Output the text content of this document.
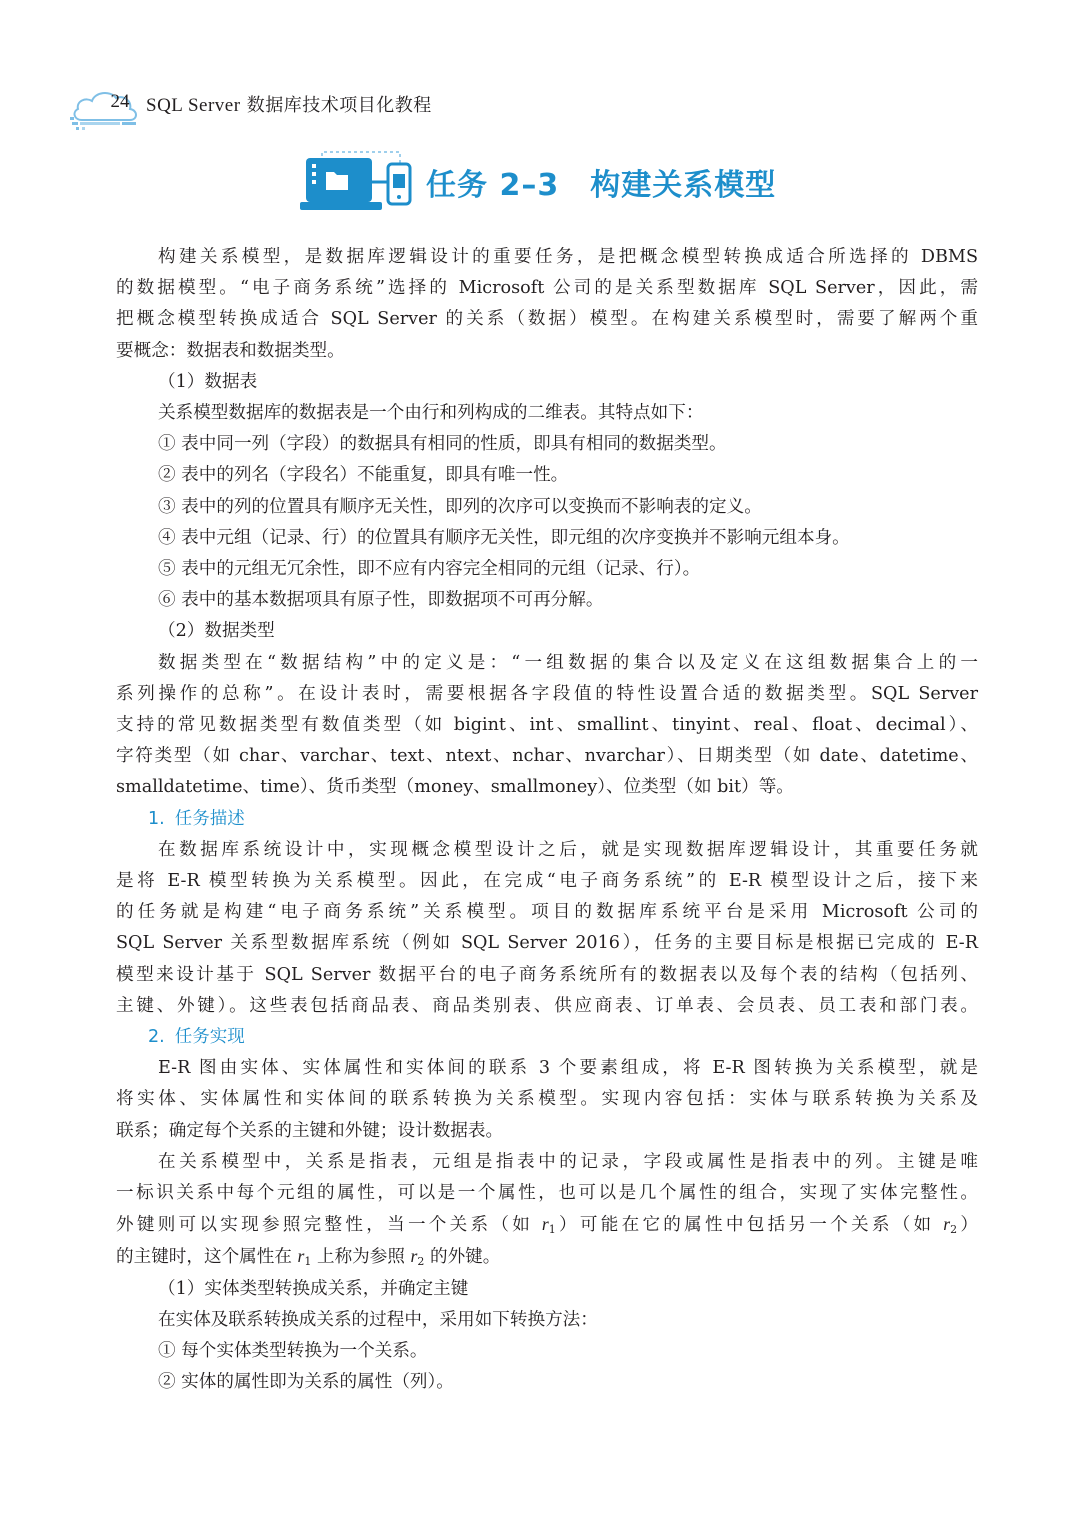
24 SQL Server 数据库技术项目化教程
任务 2–3　构建关系模型

构建关系模型，是数据库逻辑设计的重要任务，是把概念模型转换成适合所选择的 DBMS
的数据模型。“电子商务系统”选择的 Microsoft 公司的是关系型数据库 SQL Server，因此，需
把概念模型转换成适合 SQL Server 的关系（数据）模型。在构建关系模型时，需要了解两个重
要概念：数据表和数据类型。

（1）数据表

关系模型数据库的数据表是一个由行和列构成的二维表。其特点如下：

① 表中同一列（字段）的数据具有相同的性质，即具有相同的数据类型。

② 表中的列名（字段名）不能重复，即具有唯一性。

③ 表中的列的位置具有顺序无关性，即列的次序可以变换而不影响表的定义。

④ 表中元组（记录、行）的位置具有顺序无关性，即元组的次序变换并不影响元组本身。

⑤ 表中的元组无冗余性，即不应有内容完全相同的元组（记录、行）。

⑥ 表中的基本数据项具有原子性，即数据项不可再分解。

（2）数据类型

数据类型在“数据结构”中的定义是：“一组数据的集合以及定义在这组数据集合上的一
系列操作的总称”。在设计表时，需要根据各字段值的特性设置合适的数据类型。SQL Server
支持的常见数据类型有数值类型（如 bigint、int、smallint、tinyint、real、float、decimal）、
字符类型（如 char、varchar、text、ntext、nchar、nvarchar）、日期类型（如 date、datetime、
smalldatetime、time）、货币类型（money、smallmoney）、位类型（如 bit）等。

1. 任务描述

在数据库系统设计中，实现概念模型设计之后，就是实现数据库逻辑设计，其重要任务就
是将 E-R 模型转换为关系模型。因此，在完成“电子商务系统”的 E-R 模型设计之后，接下来
的任务就是构建“电子商务系统”关系模型。项目的数据库系统平台是采用 Microsoft 公司的
SQL Server 关系型数据库系统（例如 SQL Server 2016），任务的主要目标是根据已完成的 E-R
模型来设计基于 SQL Server 数据平台的电子商务系统所有的数据表以及每个表的结构（包括列、
主键、外键）。这些表包括商品表、商品类别表、供应商表、订单表、会员表、员工表和部门表。

2. 任务实现

E-R 图由实体、实体属性和实体间的联系 3 个要素组成，将 E-R 图转换为关系模型，就是
将实体、实体属性和实体间的联系转换为关系模型。实现内容包括：实体与联系转换为关系及
联系；确定每个关系的主键和外键；设计数据表。

在关系模型中，关系是指表，元组是指表中的记录，字段或属性是指表中的列。主键是唯
一标识关系中每个元组的属性，可以是一个属性，也可以是几个属性的组合，实现了实体完整性。
外键则可以实现参照完整性，当一个关系（如 $r_1$）可能在它的属性中包括另一个关系（如 $r_2$）
的主键时，这个属性在 $r_1$ 上称为参照 $r_2$ 的外键。

（1）实体类型转换成关系，并确定主键

在实体及联系转换成关系的过程中，采用如下转换方法：

① 每个实体类型转换为一个关系。

② 实体的属性即为关系的属性（列）。
